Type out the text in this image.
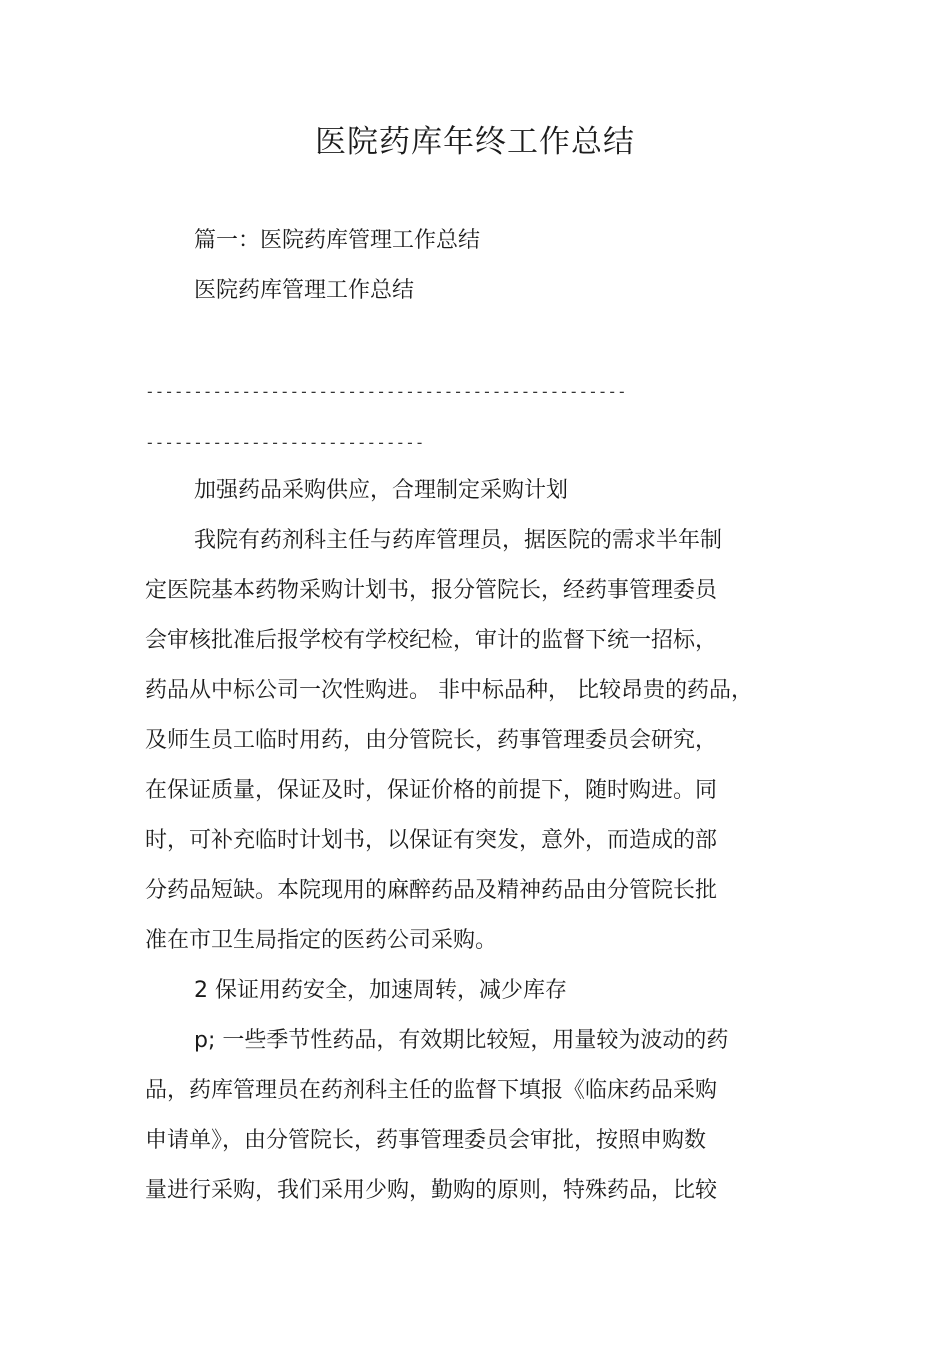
医院药库年终工作总结
篇一：医院药库管理工作总结
医院药库管理工作总结
--------------------------------------------------
-----------------------------
加强药品采购供应，合理制定采购计划
我院有药剂科主任与药库管理员，据医院的需求半年制
定医院基本药物采购计划书，报分管院长，经药事管理委员
会审核批准后报学校有学校纪检，审计的监督下统一招标，
药品从中标公司一次性购进。 非中标品种， 比较昂贵的药品，
及师生员工临时用药，由分管院长，药事管理委员会研究，
在保证质量，保证及时，保证价格的前提下，随时购进。同
时，可补充临时计划书，以保证有突发，意外，而造成的部
分药品短缺。本院现用的麻醉药品及精神药品由分管院长批
准在市卫生局指定的医药公司采购。
2 保证用药安全，加速周转，减少库存
p; 一些季节性药品，有效期比较短，用量较为波动的药
品，药库管理员在药剂科主任的监督下填报《临床药品采购
申请单》，由分管院长，药事管理委员会审批，按照申购数
量进行采购，我们采用少购，勤购的原则，特殊药品，比较
